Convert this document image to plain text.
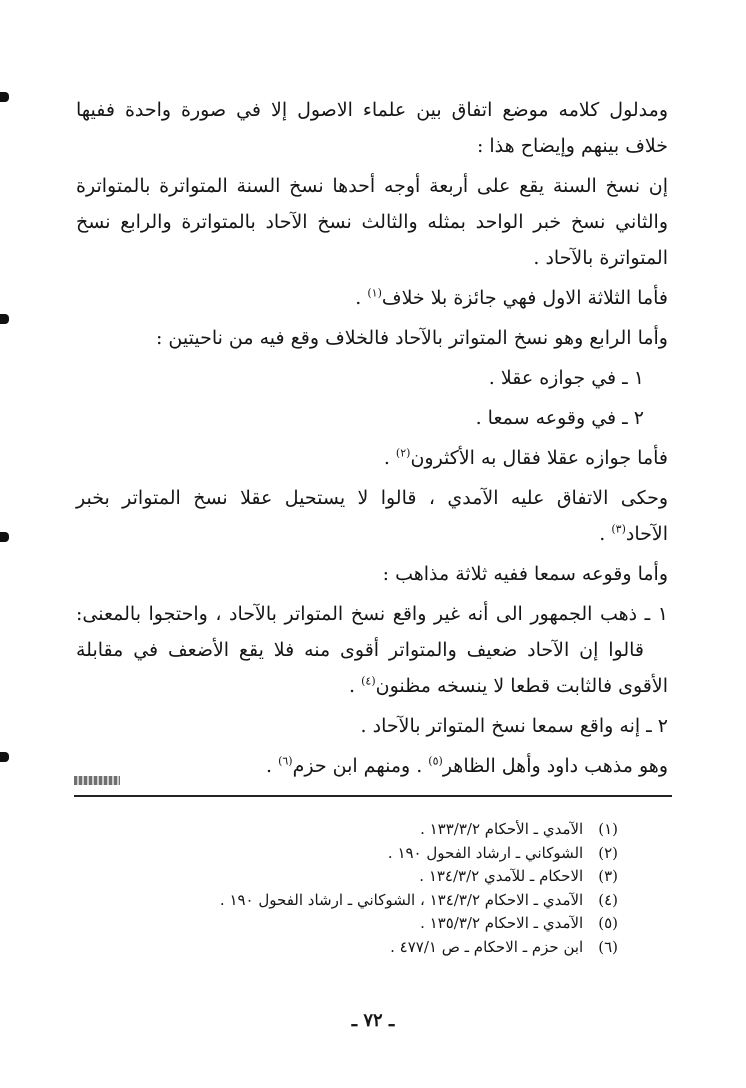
ومدلول كلامه موضع اتفاق بين علماء الاصول إلا في صورة واحدة ففيها

خلاف بينهم وإيضاح هذا :

إن نسخ السنة يقع على أربعة أوجه أحدها نسخ السنة المتواترة بالمتواترة

والثاني نسخ خبر الواحد بمثله والثالث نسخ الآحاد بالمتواترة والرابع نسخ

المتواترة بالآحاد .

فأما الثلاثة الاول فهي جائزة بلا خلاف$^{(١)}$ .

وأما الرابع وهو نسخ المتواتر بالآحاد فالخلاف وقع فيه من ناحيتين :

١ ـ في جوازه عقلا .

٢ ـ في وقوعه سمعا .

فأما جوازه عقلا فقال به الأكثرون$^{(٢)}$ .

وحكى الاتفاق عليه الآمدي ، قالوا لا يستحيل عقلا نسخ المتواتر بخبر

الآحاد$^{(٣)}$ .

وأما وقوعه سمعا ففيه ثلاثة مذاهب :

١ ـ ذهب الجمهور الى أنه غير واقع نسخ المتواتر بالآحاد ، واحتجوا بالمعنى:

قالوا إن الآحاد ضعيف والمتواتر أقوى منه فلا يقع الأضعف في مقابلة

الأقوى فالثابت قطعا لا ينسخه مظنون$^{(٤)}$ .

٢ ـ إنه واقع سمعا نسخ المتواتر بالآحاد .

وهو مذهب داود وأهل الظاهر$^{(٥)}$ . ومنهم ابن حزم$^{(٦)}$ .

(١) الآمدي ـ الأحكام ١٣٣/٣/٢ .
(٢) الشوكاني ـ ارشاد الفحول ١٩٠ .
(٣) الاحكام ـ للآمدي ١٣٤/٣/٢ .
(٤) الآمدي ـ الاحكام ١٣٤/٣/٢ ، الشوكاني ـ ارشاد الفحول ١٩٠ .
(٥) الآمدي ـ الاحكام ١٣٥/٣/٢ .
(٦) ابن حزم ـ الاحكام ـ ص ٤٧٧/١ .
ـ ٧٢ ـ
